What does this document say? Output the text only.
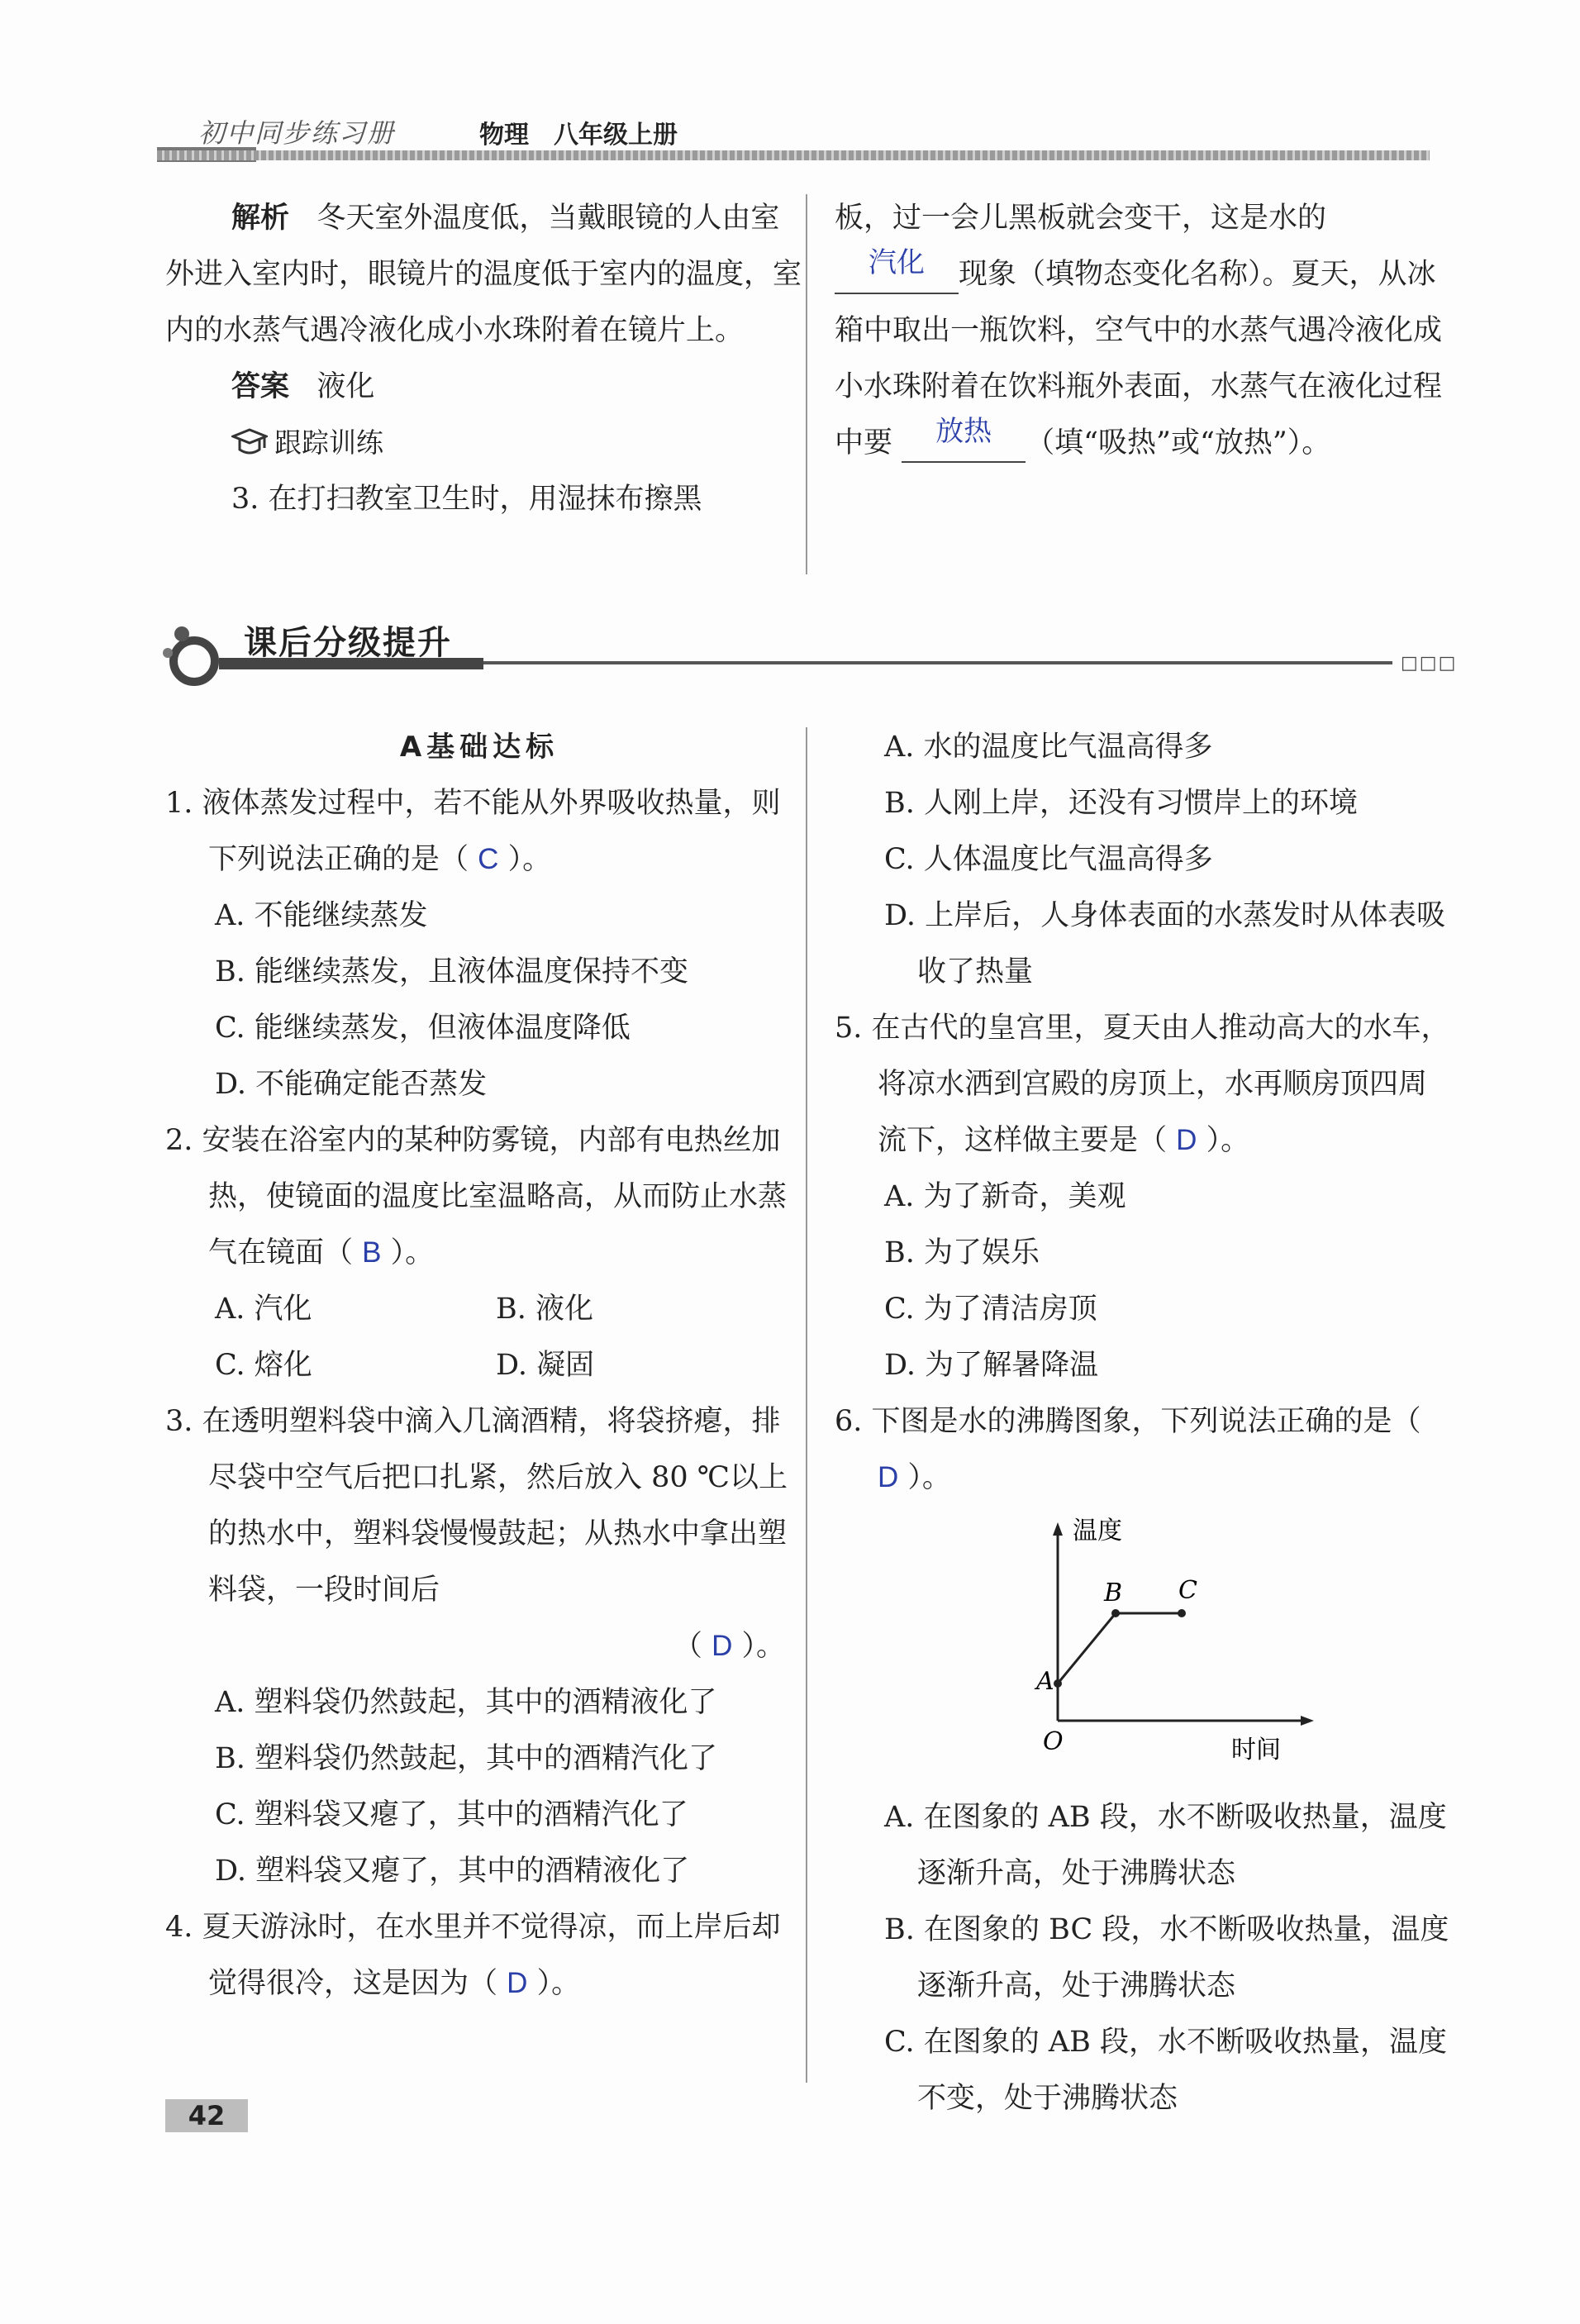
初中同步练习册	物理 八年级上册

解析 冬天室外温度低，当戴眼镜的人由室外进入室内时，眼镜片的温度低于室内的温度，室内的水蒸气遇冷液化成小水珠附着在镜片上。

答案 液化

跟踪训练

3. 在打扫教室卫生时，用湿抹布擦黑

板，过一会儿黑板就会变干，这是水的 汽化 现象（填物态变化名称）。夏天，从冰箱中取出一瓶饮料，空气中的水蒸气遇冷液化成小水珠附着在饮料瓶外表面，水蒸气在液化过程中要 放热 （填“吸热”或“放热”）。

课后分级提升
□□□

A基础达标

1. 液体蒸发过程中，若不能从外界吸收热量，则下列说法正确的是（ C ）。

A. 不能继续蒸发

B. 能继续蒸发，且液体温度保持不变

C. 能继续蒸发，但液体温度降低

D. 不能确定能否蒸发

2. 安装在浴室内的某种防雾镜，内部有电热丝加热，使镜面的温度比室温略高，从而防止水蒸气在镜面（ B ）。

A. 汽化	B. 液化
C. 熔化	D. 凝固

3. 在透明塑料袋中滴入几滴酒精，将袋挤瘪，排尽袋中空气后把口扎紧，然后放入 80 ℃以上的热水中，塑料袋慢慢鼓起；从热水中拿出塑料袋，一段时间后

（ D ）。

A. 塑料袋仍然鼓起，其中的酒精液化了

B. 塑料袋仍然鼓起，其中的酒精汽化了

C. 塑料袋又瘪了，其中的酒精汽化了

D. 塑料袋又瘪了，其中的酒精液化了

4. 夏天游泳时，在水里并不觉得凉，而上岸后却觉得很冷，这是因为（ D ）。

A. 水的温度比气温高得多

B. 人刚上岸，还没有习惯岸上的环境

C. 人体温度比气温高得多

D. 上岸后，人身体表面的水蒸发时从体表吸收了热量

5. 在古代的皇宫里，夏天由人推动高大的水车，将凉水洒到宫殿的房顶上，水再顺房顶四周流下，这样做主要是（ D ）。

A. 为了新奇，美观

B. 为了娱乐

C. 为了清洁房顶

D. 为了解暑降温

6. 下图是水的沸腾图象，下列说法正确的是（ D ）。

温度
时间
O
A
B C

A. 在图象的 AB 段，水不断吸收热量，温度逐渐升高，处于沸腾状态

B. 在图象的 BC 段，水不断吸收热量，温度逐渐升高，处于沸腾状态

C. 在图象的 AB 段，水不断吸收热量，温度不变，处于沸腾状态

42
